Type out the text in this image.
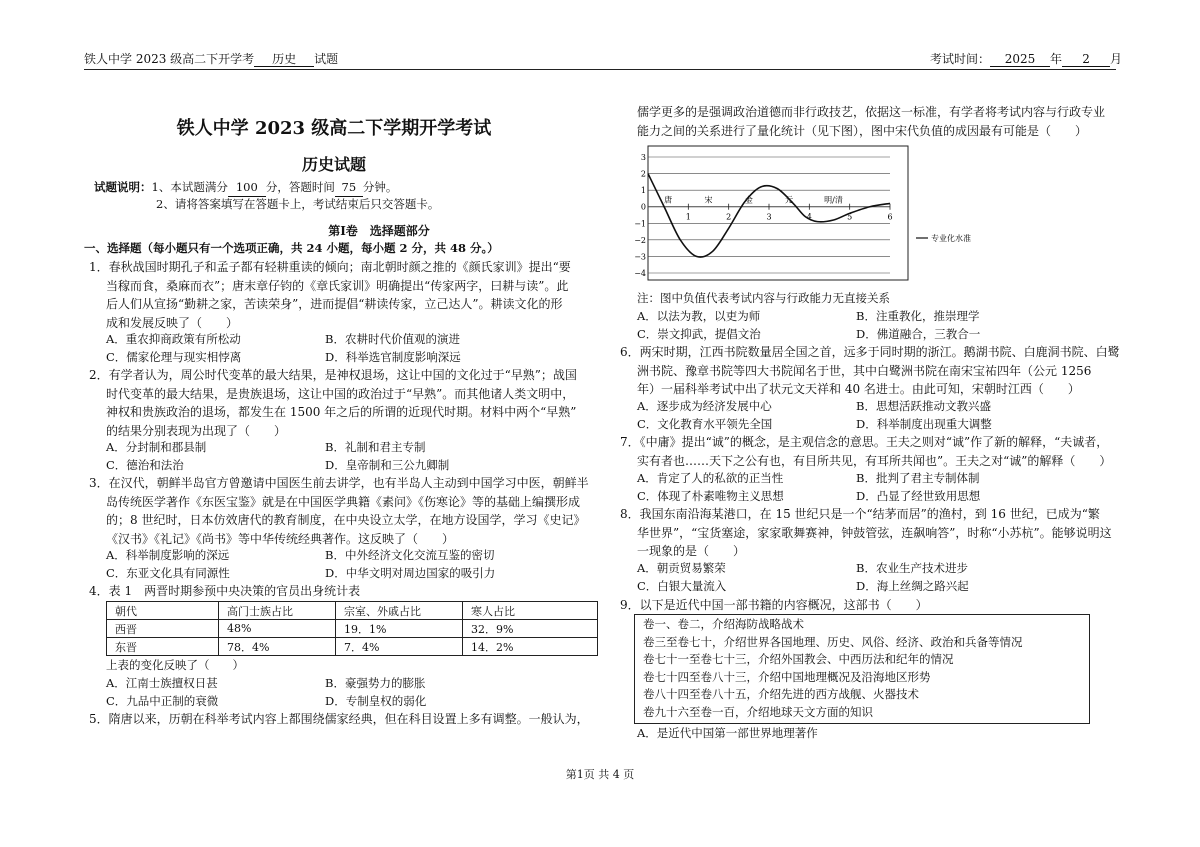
铁人中学 2023 级高二下开学考 历史 试题	考试时间： 2025 年 2 月
铁人中学 2023 级高二下学期开学考试
历史试题
试题说明：1、本试题满分 100 分，答题时间 75 分钟。
2、请将答案填写在答题卡上，考试结束后只交答题卡。
第Ⅰ卷　选择题部分
一、选择题（每小题只有一个选项正确，共 24 小题，每小题 2 分，共 48 分。）
1．春秋战国时期孔子和孟子都有轻耕重读的倾向；南北朝时颜之推的《颜氏家训》提出“要
当稼而食，桑麻而衣”；唐末章仔钧的《章氏家训》明确提出“传家两字，曰耕与读”。此
后人们从宣扬“勤耕之家，苦读荣身”，进而提倡“耕读传家，立己达人”。耕读文化的形
成和发展反映了（　　）
A．重农抑商政策有所松动	B．农耕时代价值观的演进
C．儒家伦理与现实相悖离	D．科举选官制度影响深远
2．有学者认为，周公时代变革的最大结果，是神权退场，这让中国的文化过于“早熟”；战国
时代变革的最大结果，是贵族退场，这让中国的政治过于“早熟”。而其他诸人类文明中，
神权和贵族政治的退场，都发生在 1500 年之后的所谓的近现代时期。材料中两个“早熟”
的结果分别表现为出现了（　　）
A．分封制和郡县制	B．礼制和君主专制
C．德治和法治	D．皇帝制和三公九卿制
3．在汉代，朝鲜半岛官方曾邀请中国医生前去讲学，也有半岛人主动到中国学习中医，朝鲜半
岛传统医学著作《东医宝鉴》就是在中国医学典籍《素问》《伤寒论》等的基础上编撰形成
的；8 世纪时，日本仿效唐代的教育制度，在中央设立太学，在地方设国学，学习《史记》
《汉书》《礼记》《尚书》等中华传统经典著作。这反映了（　　）
A．科举制度影响的深远	B．中外经济文化交流互鉴的密切
C．东亚文化具有同源性	D．中华文明对周边国家的吸引力
4．表 1　两晋时期参预中央决策的官员出身统计表
朝代	高门士族占比	宗室、外戚占比	寒人占比
西晋	48%	19．1%	32．9%
东晋	78．4%	7．4%	14．2%
上表的变化反映了（　　）
A．江南士族擅权日甚	B．豪强势力的膨胀
C．九品中正制的衰微	D．专制皇权的弱化
5．隋唐以来，历朝在科举考试内容上都围绕儒家经典，但在科目设置上多有调整。一般认为，
儒学更多的是强调政治道德而非行政技艺，依据这一标准，有学者将考试内容与行政专业
能力之间的关系进行了量化统计（见下图），图中宋代负值的成因最有可能是（　　）
3
2
1
0
−1
−2
−3
−4
1	2	3	4	5	6
唐	宋	金	元	明/清
专业化水准
注：图中负值代表考试内容与行政能力无直接关系
A．以法为教，以吏为师	B．注重教化，推崇理学
C．崇文抑武，提倡文治	D．佛道融合，三教合一
6．两宋时期，江西书院数量居全国之首，远多于同时期的浙江。鹅湖书院、白鹿洞书院、白鹭
洲书院、豫章书院等四大书院闻名于世，其中白鹭洲书院在南宋宝祐四年（公元 1256
年）一届科举考试中出了状元文天祥和 40 名进士。由此可知，宋朝时江西（　　）
A．逐步成为经济发展中心	B．思想活跃推动文教兴盛
C．文化教育水平领先全国	D．科举制度出现重大调整
7．《中庸》提出“诚”的概念，是主观信念的意思。王夫之则对“诚”作了新的解释，“夫诚者，
实有者也……天下之公有也，有目所共见，有耳所共闻也”。王夫之对“诚”的解释（　　）
A．肯定了人的私欲的正当性	B．批判了君主专制体制
C．体现了朴素唯物主义思想	D．凸显了经世致用思想
8．我国东南沿海某港口，在 15 世纪只是一个“结茅而居”的渔村，到 16 世纪，已成为“繁
华世界”，“宝货塞途，家家歌舞赛神，钟鼓管弦，连飙响答”，时称“小苏杭”。能够说明这
一现象的是（　　）
A．朝贡贸易繁荣	B．农业生产技术进步
C．白银大量流入	D．海上丝绸之路兴起
9．以下是近代中国一部书籍的内容概况，这部书（　　）
卷一、卷二，介绍海防战略战术
卷三至卷七十，介绍世界各国地理、历史、风俗、经济、政治和兵备等情况
卷七十一至卷七十三，介绍外国教会、中西历法和纪年的情况
卷七十四至卷八十三，介绍中国地理概况及沿海地区形势
卷八十四至卷八十五，介绍先进的西方战舰、火器技术
卷九十六至卷一百，介绍地球天文方面的知识
A．是近代中国第一部世界地理著作
第1页 共 4 页
